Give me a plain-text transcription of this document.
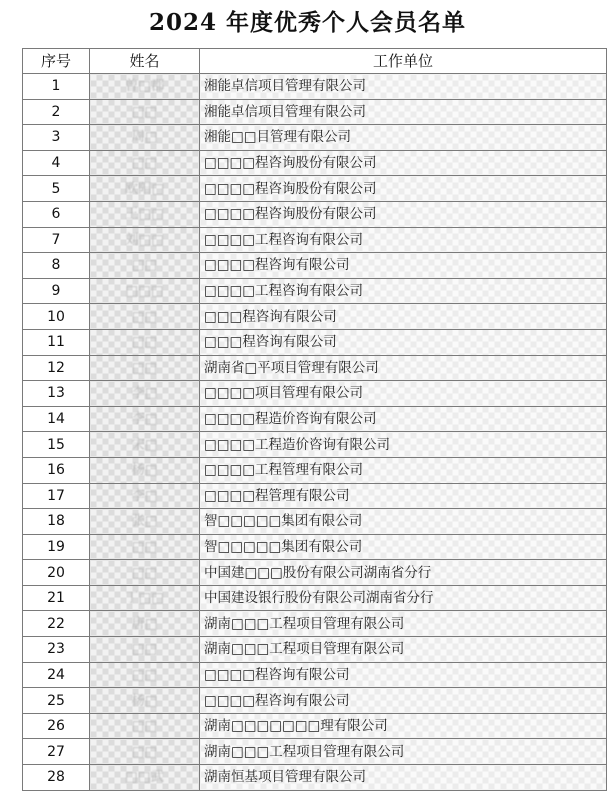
2024 年度优秀个人会员名单
序号	姓名	工作单位
1	曾□郡	湘能卓信项目管理有限公司
2	□□	湘能卓信项目管理有限公司
3	周□	湘能□□目管理有限公司
4	□□	□□□□程咨询股份有限公司
5	欧阳□	□□□□程咨询股份有限公司
6	王□□	□□□□程咨询股份有限公司
7	刘□□	□□□□工程咨询有限公司
8	□□	□□□□程咨询有限公司
9	□□□	□□□□工程咨询有限公司
10	□□	□□□程咨询有限公司
11	□□	□□□程咨询有限公司
12	□□	湖南省□平项目管理有限公司
13	李□	□□□□项目管理有限公司
14	李□	□□□□程造价咨询有限公司
15	宋□	□□□□工程造价咨询有限公司
16	杨□	□□□□工程管理有限公司
17	李□	□□□□程管理有限公司
18	张□	智□□□□□集团有限公司
19	□□	智□□□□□集团有限公司
20	□□	中国建□□□股份有限公司湖南省分行
21	丁□□	中国建设银行股份有限公司湖南省分行
22	唐□	湖南□□□工程项目管理有限公司
23	□□	湖南□□□工程项目管理有限公司
24	□□	□□□□程咨询有限公司
25	杨□	□□□□程咨询有限公司
26	□□	湖南□□□□□□□理有限公司
27	□□	湖南□□□工程项目管理有限公司
28	□□武	湖南恒基项目管理有限公司
